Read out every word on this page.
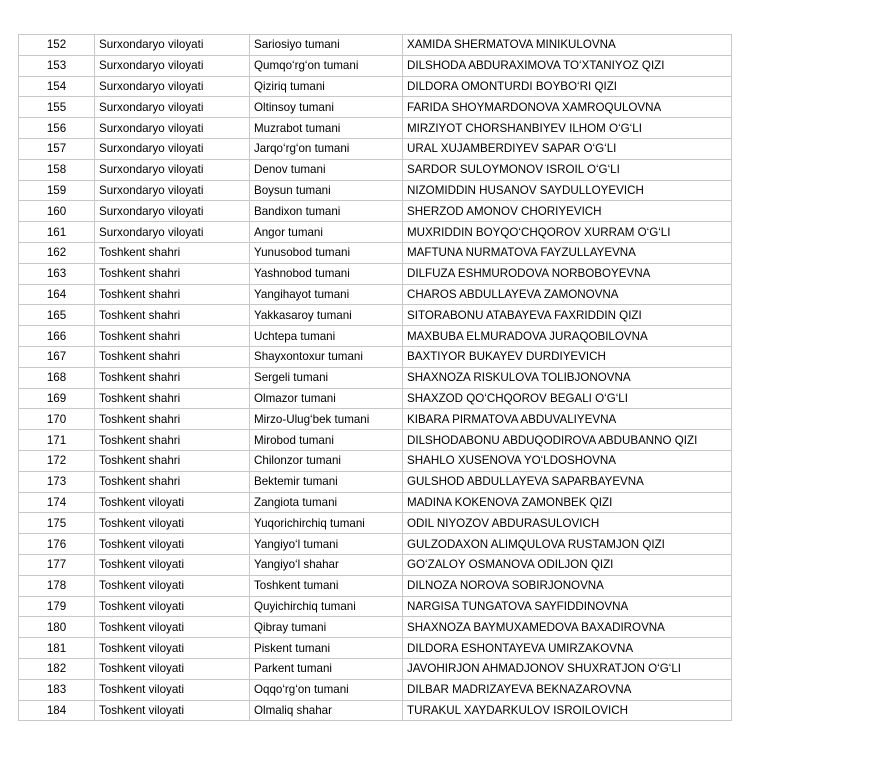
152	Surxondaryo viloyati	Sariosiyo tumani	XAMIDA SHERMATOVA MINIKULOVNA
153	Surxondaryo viloyati	Qumqo‘rg‘on tumani	DILSHODA ABDURAXIMOVA TO‘XTANIYOZ QIZI
154	Surxondaryo viloyati	Qiziriq tumani	DILDORA OMONTURDI BOYBO‘RI QIZI
155	Surxondaryo viloyati	Oltinsoy tumani	FARIDA SHOYMARDONOVA XAMROQULOVNA
156	Surxondaryo viloyati	Muzrabot tumani	MIRZIYOT CHORSHANBIYEV ILHOM O‘G‘LI
157	Surxondaryo viloyati	Jarqo‘rg‘on tumani	URAL XUJAMBERDIYEV SAPAR O‘G‘LI
158	Surxondaryo viloyati	Denov tumani	SARDOR SULOYMONOV ISROIL O‘G‘LI
159	Surxondaryo viloyati	Boysun tumani	NIZOMIDDIN HUSANOV SAYDULLOYEVICH
160	Surxondaryo viloyati	Bandixon tumani	SHERZOD AMONOV CHORIYEVICH
161	Surxondaryo viloyati	Angor tumani	MUXRIDDIN BOYQO‘CHQOROV XURRAM O‘G‘LI
162	Toshkent shahri	Yunusobod tumani	MAFTUNA NURMATOVA FAYZULLAYEVNA
163	Toshkent shahri	Yashnobod tumani	DILFUZA ESHMURODOVA NORBOBOYEVNA
164	Toshkent shahri	Yangihayot tumani	CHAROS ABDULLAYEVA ZAMONOVNA
165	Toshkent shahri	Yakkasaroy tumani	SITORABONU ATABAYEVA FAXRIDDIN QIZI
166	Toshkent shahri	Uchtepa tumani	MAXBUBA ELMURADOVA JURAQOBILOVNA
167	Toshkent shahri	Shayxontoxur tumani	BAXTIYOR BUKAYEV DURDIYEVICH
168	Toshkent shahri	Sergeli tumani	SHAXNOZA RISKULOVA TOLIBJONOVNA
169	Toshkent shahri	Olmazor tumani	SHAXZOD QO‘CHQOROV BEGALI O‘G‘LI
170	Toshkent shahri	Mirzo-Ulug‘bek tumani	KIBARA PIRMATOVA ABDUVALIYEVNA
171	Toshkent shahri	Mirobod tumani	DILSHODABONU ABDUQODIROVA ABDUBANNO QIZI
172	Toshkent shahri	Chilonzor tumani	SHAHLO XUSENOVA YO‘LDOSHOVNA
173	Toshkent shahri	Bektemir tumani	GULSHOD ABDULLAYEVA SAPARBAYEVNA
174	Toshkent viloyati	Zangiota tumani	MADINA KOKENOVA ZAMONBEK QIZI
175	Toshkent viloyati	Yuqorichirchiq tumani	ODIL NIYOZOV ABDURASULOVICH
176	Toshkent viloyati	Yangiyo‘l tumani	GULZODAXON ALIMQULOVA RUSTAMJON QIZI
177	Toshkent viloyati	Yangiyo‘l shahar	GO‘ZALOY OSMANOVA ODILJON QIZI
178	Toshkent viloyati	Toshkent tumani	DILNOZA NOROVA SOBIRJONOVNA
179	Toshkent viloyati	Quyichirchiq tumani	NARGISA TUNGATOVA SAYFIDDINOVNA
180	Toshkent viloyati	Qibray tumani	SHAXNOZA BAYMUXAMEDOVA BAXADIROVNA
181	Toshkent viloyati	Piskent tumani	DILDORA ESHONTAYEVA UMIRZAKOVNA
182	Toshkent viloyati	Parkent tumani	JAVOHIRJON AHMADJONOV SHUXRATJON O‘G‘LI
183	Toshkent viloyati	Oqqo‘rg‘on tumani	DILBAR MADRIZAYEVA BEKNAZAROVNA
184	Toshkent viloyati	Olmaliq shahar	TURAKUL XAYDARKULOV ISROILOVICH
